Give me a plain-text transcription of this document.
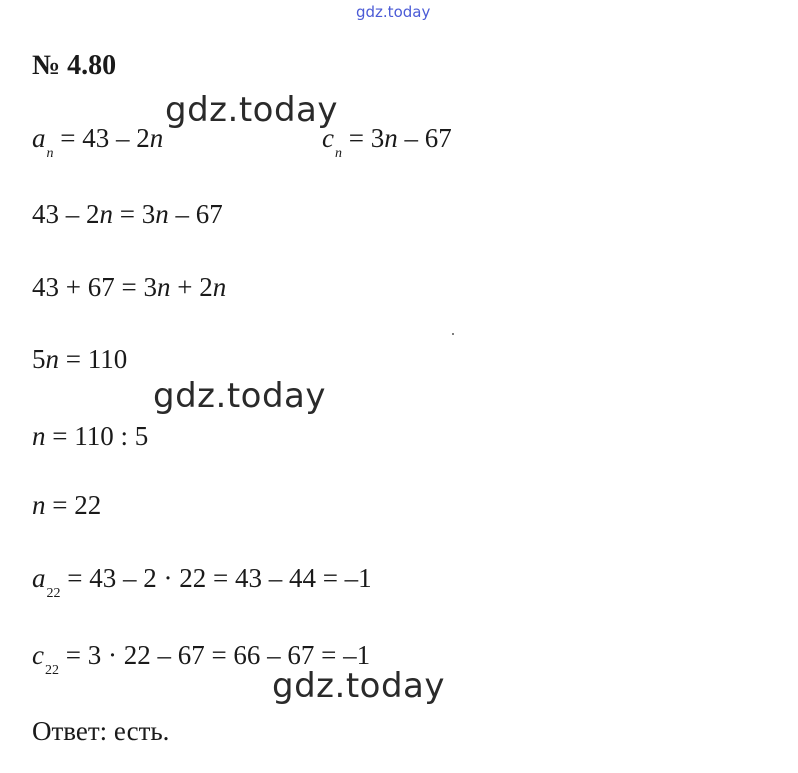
gdz.today
№ 4.80
gdz.today
$a_n = 43 - 2n$	$c_n = 3n - 67$
43 – 2n = 3n – 67
43 + 67 = 3n + 2n
5n = 110
gdz.today
n = 110 : 5
n = 22
$a_{22} = 43 - 2 \cdot 22 = 43 - 44 = -1$
$c_{22} = 3 \cdot 22 - 67 = 66 - 67 = -1$
gdz.today
Ответ: есть.
